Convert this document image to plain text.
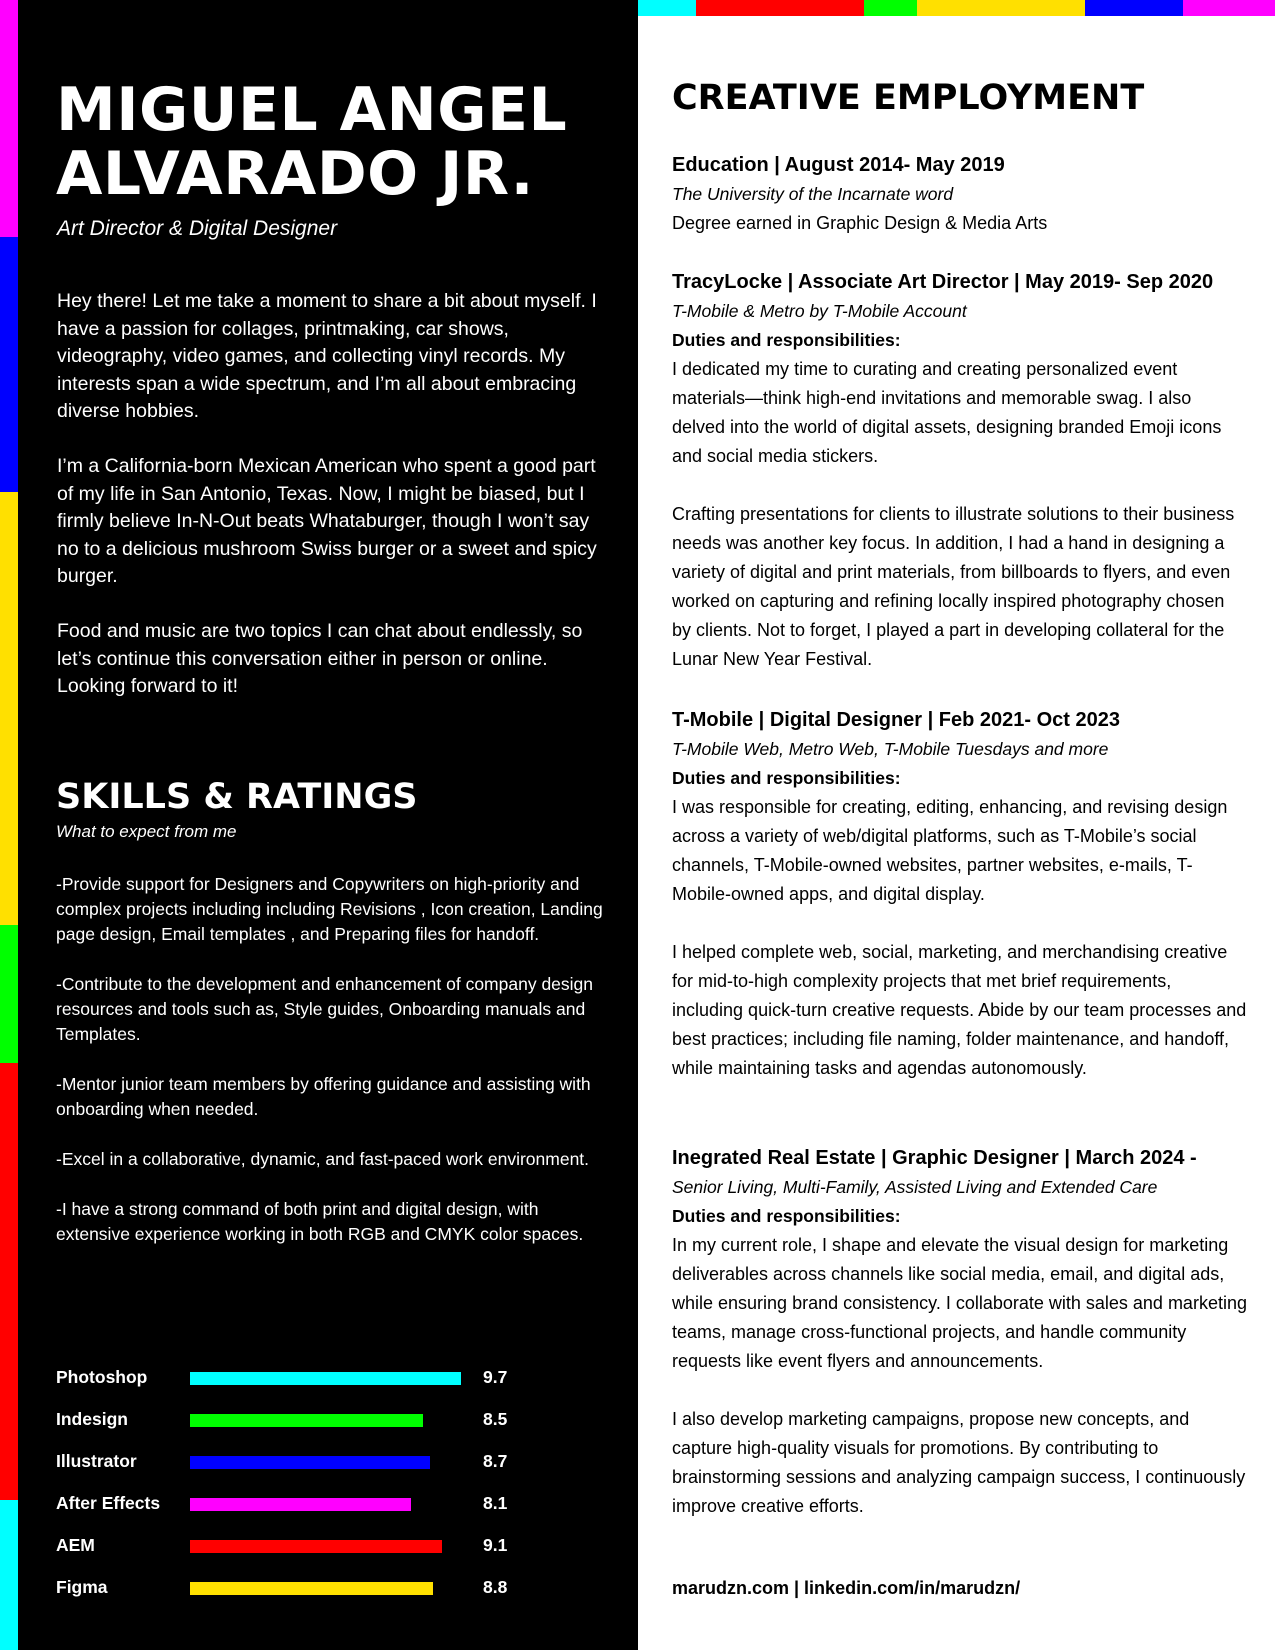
MIGUEL ANGEL
ALVARADO JR.
Art Director & Digital Designer

Hey there! Let me take a moment to share a bit about myself. I have a passion for collages, printmaking, car shows, videography, video games, and collecting vinyl records. My interests span a wide spectrum, and I’m all about embracing diverse hobbies.

I’m a California-born Mexican American who spent a good part of my life in San Antonio, Texas. Now, I might be biased, but I firmly believe In-N-Out beats Whataburger, though I won’t say no to a delicious mushroom Swiss burger or a sweet and spicy burger.

Food and music are two topics I can chat about endlessly, so let’s continue this conversation either in person or online. Looking forward to it!

SKILLS & RATINGS
What to expect from me

-Provide support for Designers and Copywriters on high-priority and complex projects including including Revisions , Icon creation, Landing page design, Email templates , and Preparing files for handoff.

-Contribute to the development and enhancement of company design resources and tools such as, Style guides, Onboarding manuals and Templates.

-Mentor junior team members by offering guidance and assisting with onboarding when needed.

-Excel in a collaborative, dynamic, and fast-paced work environment.

-I have a strong command of both print and digital design, with extensive experience working in both RGB and CMYK color spaces.

Photoshop	9.7
Indesign	8.5
Illustrator	8.7
After Effects	8.1
AEM	9.1
Figma	8.8
CREATIVE EMPLOYMENT
Education | August 2014- May 2019
The University of the Incarnate word

Degree earned in Graphic Design & Media Arts

TracyLocke | Associate Art Director | May 2019- Sep 2020
T-Mobile & Metro by T-Mobile Account
Duties and responsibilities:

I dedicated my time to curating and creating personalized event materials—think high-end invitations and memorable swag. I also delved into the world of digital assets, designing branded Emoji icons and social media stickers.

Crafting presentations for clients to illustrate solutions to their business needs was another key focus. In addition, I had a hand in designing a variety of digital and print materials, from billboards to flyers, and even worked on capturing and refining locally inspired photography chosen by clients. Not to forget, I played a part in developing collateral for the Lunar New Year Festival.

T-Mobile | Digital Designer | Feb 2021- Oct 2023
T-Mobile Web, Metro Web, T-Mobile Tuesdays and more
Duties and responsibilities:

I was responsible for creating, editing, enhancing, and revising design across a variety of web/digital platforms, such as T-Mobile’s social channels, T-Mobile-owned websites, partner websites, e-mails, T-Mobile-owned apps, and digital display.

I helped complete web, social, marketing, and merchandising creative for mid-to-high complexity projects that met brief requirements, including quick-turn creative requests. Abide by our team processes and best practices; including file naming, folder maintenance, and handoff, while maintaining tasks and agendas autonomously.

Inegrated Real Estate | Graphic Designer | March 2024 -
Senior Living, Multi-Family, Assisted Living and Extended Care
Duties and responsibilities:

In my current role, I shape and elevate the visual design for marketing deliverables across channels like social media, email, and digital ads, while ensuring brand consistency. I collaborate with sales and marketing teams, manage cross-functional projects, and handle community requests like event flyers and announcements.

I also develop marketing campaigns, propose new concepts, and capture high-quality visuals for promotions. By contributing to brainstorming sessions and analyzing campaign success, I continuously improve creative efforts.

marudzn.com | linkedin.com/in/marudzn/
